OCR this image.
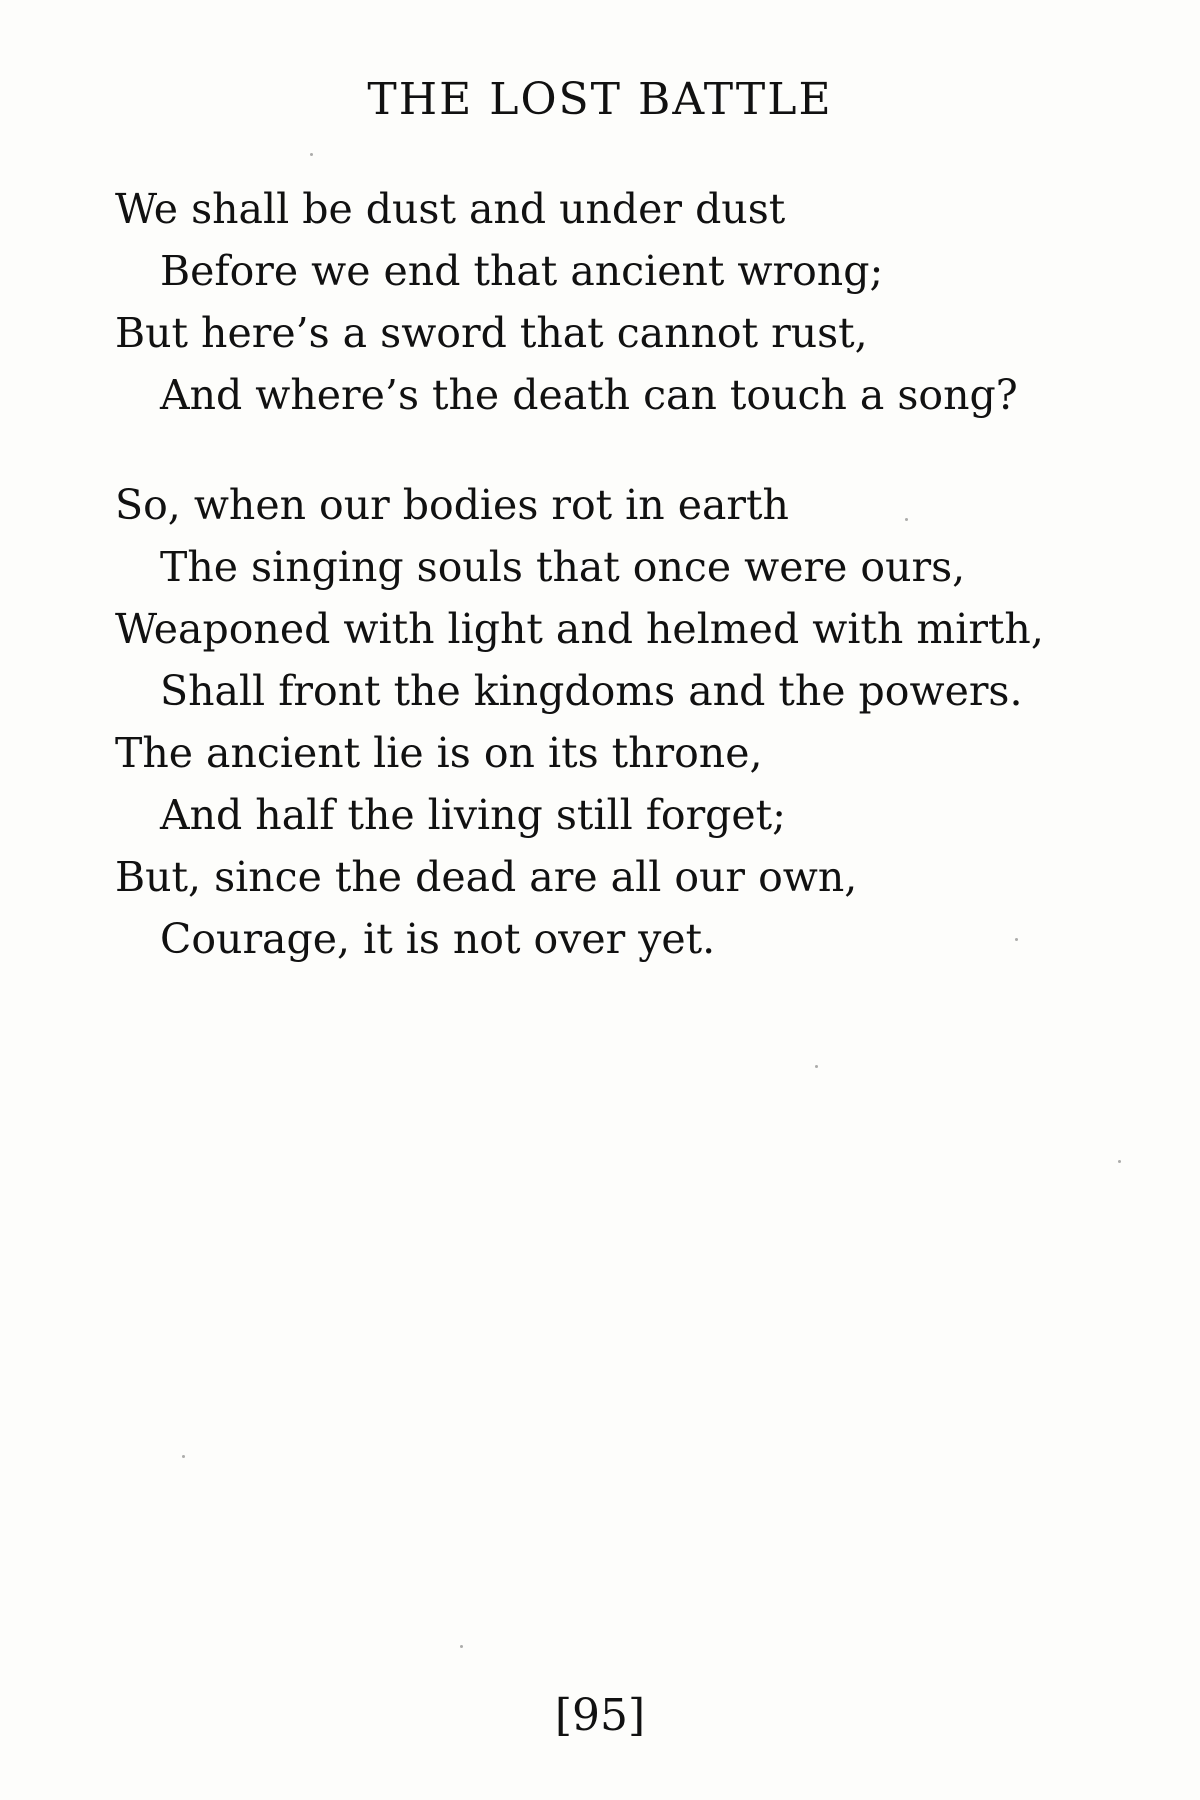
THE LOST BATTLE
We shall be dust and under dust
Before we end that ancient wrong;
But here’s a sword that cannot rust,
And where’s the death can touch a song?
So, when our bodies rot in earth
The singing souls that once were ours,
Weaponed with light and helmed with mirth,
Shall front the kingdoms and the powers.
The ancient lie is on its throne,
And half the living still forget;
But, since the dead are all our own,
Courage, it is not over yet.
[95]
